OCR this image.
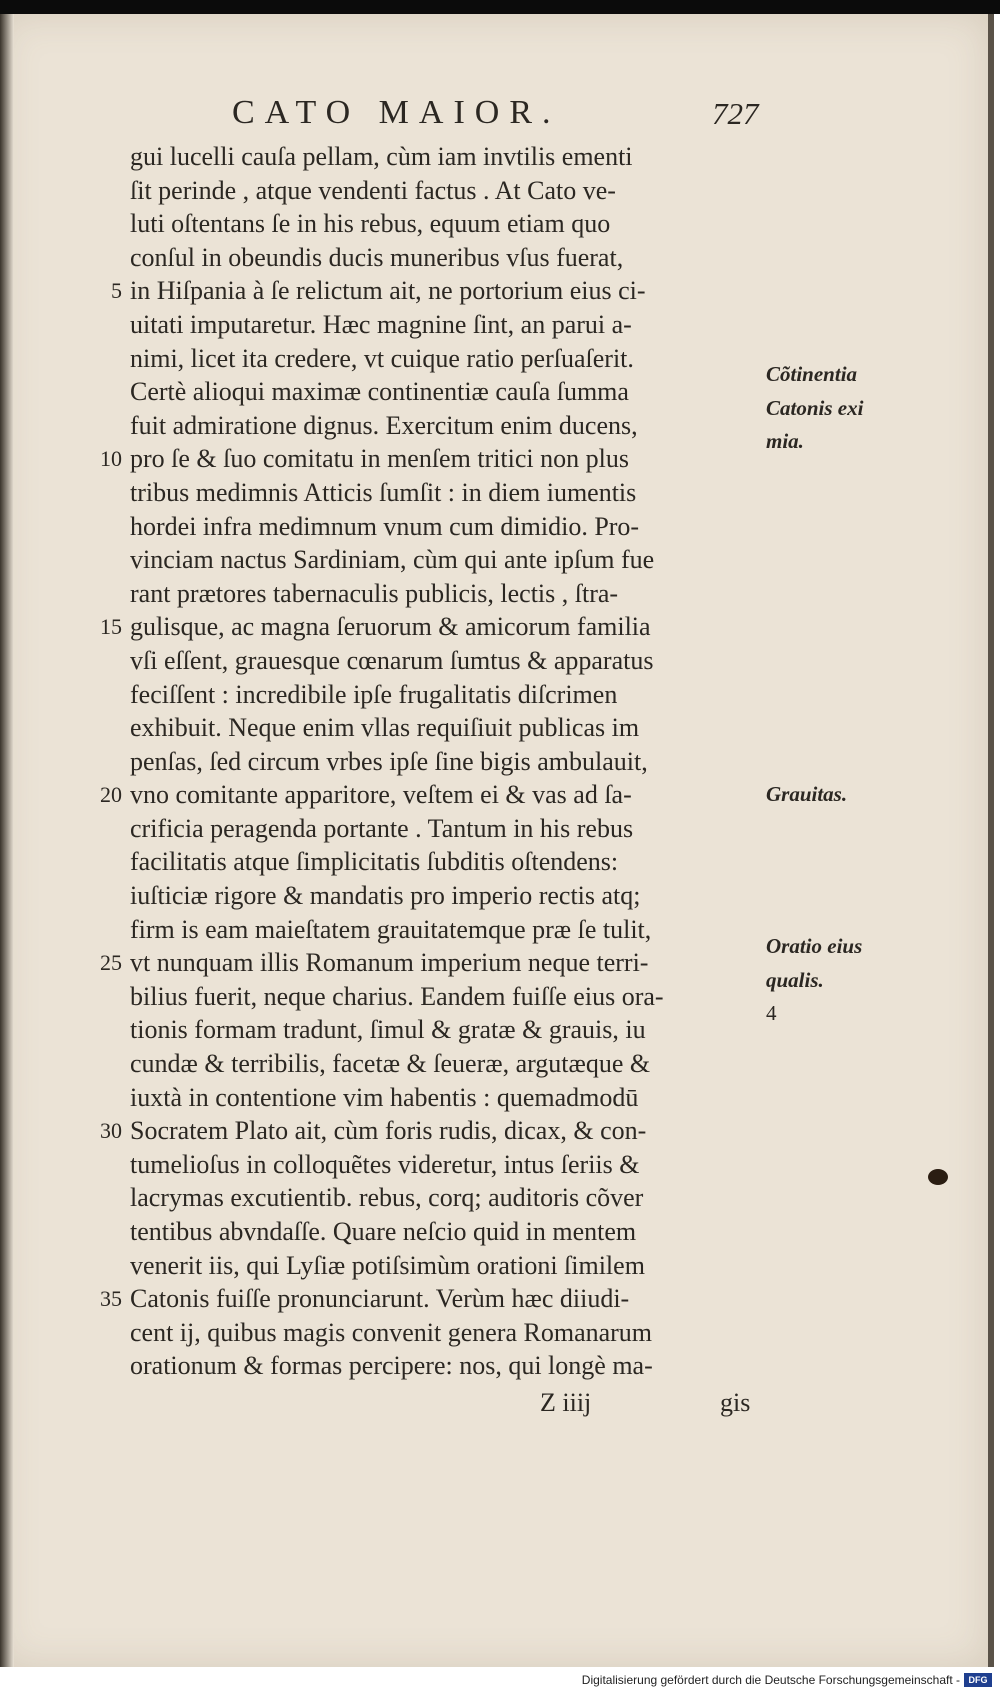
CATO MAIOR.	727
gui lucelli cauſa pellam, cùm iam invtilis ementi
ſit perinde , atque vendenti factus . At Cato ve-
luti oſtentans ſe in his rebus, equum etiam quo
conſul in obeundis ducis muneribus vſus fuerat,
5 in Hiſpania à ſe relictum ait, ne portorium eius ci-
uitati imputaretur. Hæc magnine ſint, an parui a-
nimi, licet ita credere, vt cuique ratio perſuaſerit.
Certè alioqui maximæ continentiæ cauſa ſumma
fuit admiratione dignus. Exercitum enim ducens,
10 pro ſe & ſuo comitatu in menſem tritici non plus
tribus medimnis Atticis ſumſit : in diem iumentis
hordei infra medimnum vnum cum dimidio. Pro-
vinciam nactus Sardiniam, cùm qui ante ipſum fue
rant prætores tabernaculis publicis, lectis , ſtra-
15 gulisque, ac magna ſeruorum & amicorum familia
vſi eſſent, grauesque cœnarum ſumtus & apparatus
feciſſent : incredibile ipſe frugalitatis diſcrimen
exhibuit. Neque enim vllas requiſiuit publicas im
penſas, ſed circum vrbes ipſe ſine bigis ambulauit,
20 vno comitante apparitore, veſtem ei & vas ad ſa-
crificia peragenda portante . Tantum in his rebus
facilitatis atque ſimplicitatis ſubditis oſtendens:
iuſticiæ rigore & mandatis pro imperio rectis atq;
firm is eam maieſtatem grauitatemque præ ſe tulit,
25 vt nunquam illis Romanum imperium neque terri-
bilius fuerit, neque charius. Eandem fuiſſe eius ora-
tionis formam tradunt, ſimul & gratæ & grauis, iu
cundæ & terribilis, facetæ & ſeueræ, argutæque &
iuxtà in contentione vim habentis : quemadmodū
30 Socratem Plato ait, cùm foris rudis, dicax, & con-
tumelioſus in colloquẽtes videretur, intus ſeriis &
lacrymas excutientib. rebus, corq; auditoris cõver
tentibus abvndaſſe. Quare neſcio quid in mentem
venerit iis, qui Lyſiæ potiſsimùm orationi ſimilem
35 Catonis fuiſſe pronunciarunt. Verùm hæc diiudi-
cent ij, quibus magis convenit genera Romanarum
orationum & formas percipere: nos, qui longè ma-
Z iiij	gis
Cõtinentia
Catonis exi
mia.
Grauitas.
Oratio eius
qualis.
4
Digitalisierung gefördert durch die Deutsche Forschungsgemeinschaft - DFG
